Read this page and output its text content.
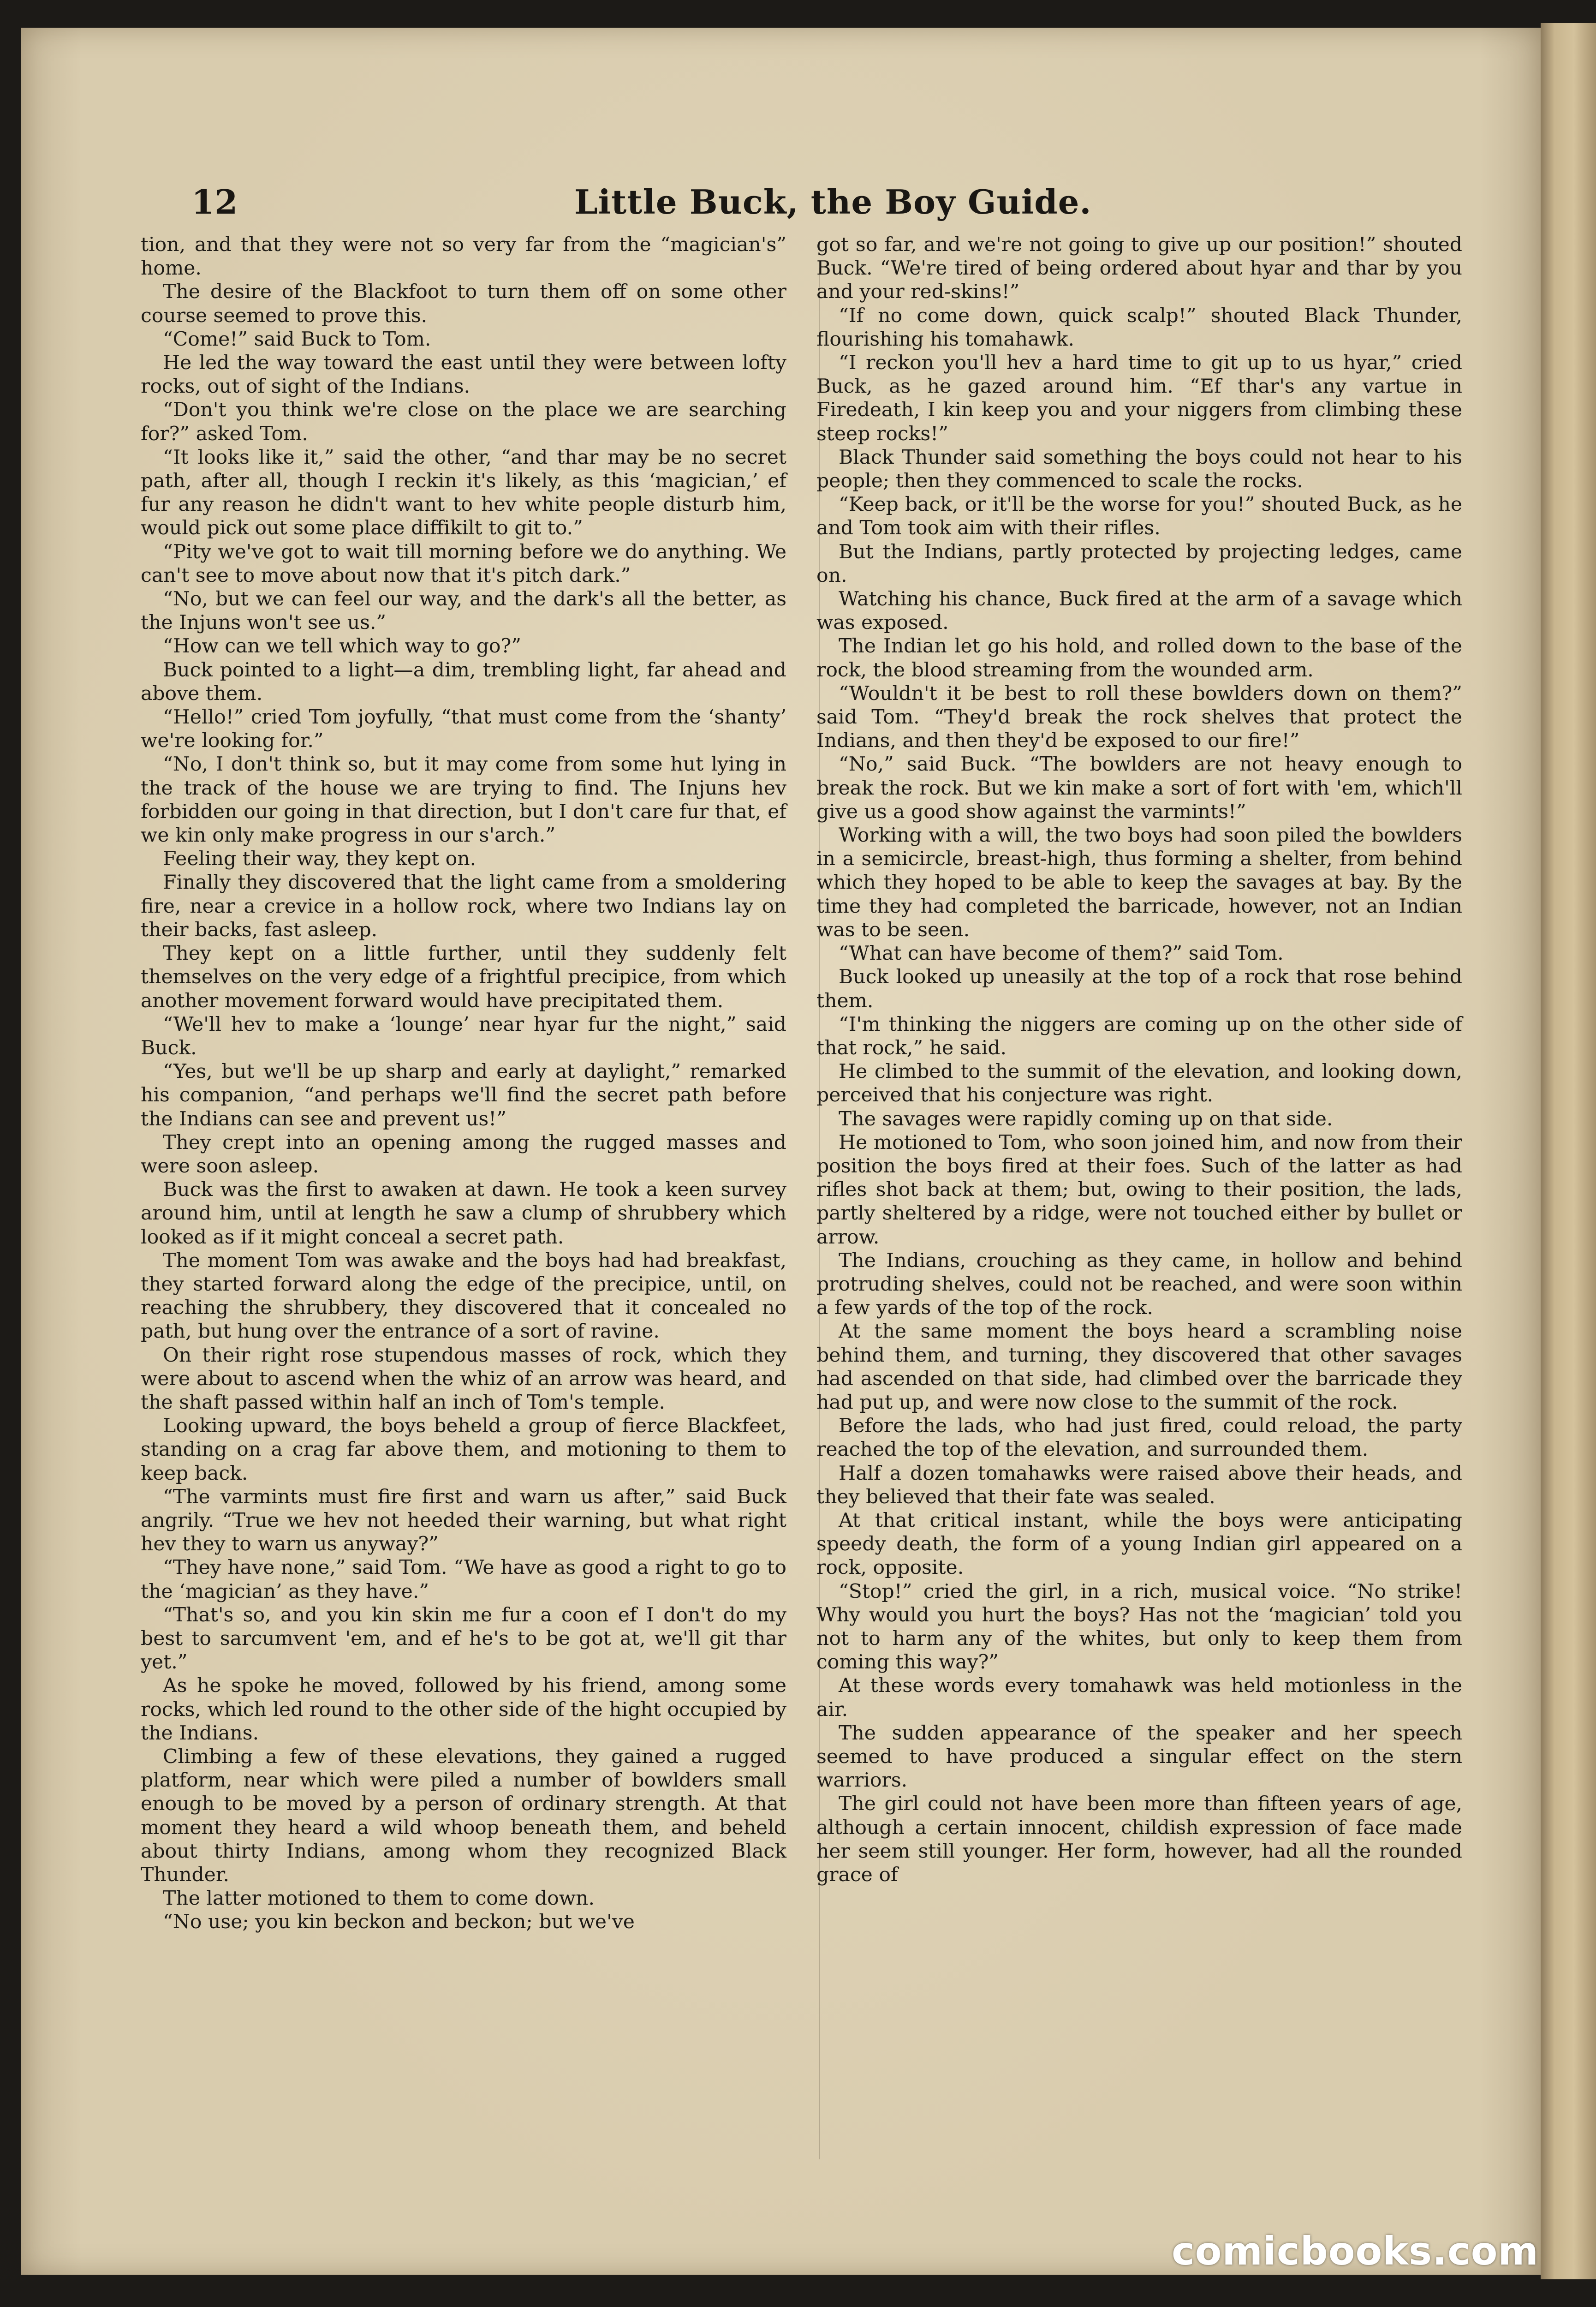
12	Little Buck, the Boy Guide.

tion, and that they were not so very far from the “magician's” home.

The desire of the Blackfoot to turn them off on some other course seemed to prove this.

“Come!” said Buck to Tom.

He led the way toward the east until they were between lofty rocks, out of sight of the Indians.

“Don't you think we're close on the place we are searching for?” asked Tom.

“It looks like it,” said the other, “and thar may be no secret path, after all, though I reckin it's likely, as this ‘magician,’ ef fur any reason he didn't want to hev white people disturb him, would pick out some place diffikilt to git to.”

“Pity we've got to wait till morning before we do anything. We can't see to move about now that it's pitch dark.”

“No, but we can feel our way, and the dark's all the better, as the Injuns won't see us.”

“How can we tell which way to go?”

Buck pointed to a light—a dim, trembling light, far ahead and above them.

“Hello!” cried Tom joyfully, “that must come from the ‘shanty’ we're looking for.”

“No, I don't think so, but it may come from some hut lying in the track of the house we are trying to find. The Injuns hev forbidden our going in that direction, but I don't care fur that, ef we kin only make progress in our s'arch.”

Feeling their way, they kept on.

Finally they discovered that the light came from a smoldering fire, near a crevice in a hollow rock, where two Indians lay on their backs, fast asleep.

They kept on a little further, until they suddenly felt themselves on the very edge of a frightful precipice, from which another movement forward would have precipitated them.

“We'll hev to make a ‘lounge’ near hyar fur the night,” said Buck.

“Yes, but we'll be up sharp and early at daylight,” remarked his companion, “and perhaps we'll find the secret path before the Indians can see and prevent us!”

They crept into an opening among the rugged masses and were soon asleep.

Buck was the first to awaken at dawn. He took a keen survey around him, until at length he saw a clump of shrubbery which looked as if it might conceal a secret path.

The moment Tom was awake and the boys had had breakfast, they started forward along the edge of the precipice, until, on reaching the shrubbery, they discovered that it concealed no path, but hung over the entrance of a sort of ravine.

On their right rose stupendous masses of rock, which they were about to ascend when the whiz of an arrow was heard, and the shaft passed within half an inch of Tom's temple.

Looking upward, the boys beheld a group of fierce Blackfeet, standing on a crag far above them, and motioning to them to keep back.

“The varmints must fire first and warn us after,” said Buck angrily. “True we hev not heeded their warning, but what right hev they to warn us anyway?”

“They have none,” said Tom. “We have as good a right to go to the ‘magician’ as they have.”

“That's so, and you kin skin me fur a coon ef I don't do my best to sarcumvent 'em, and ef he's to be got at, we'll git thar yet.”

As he spoke he moved, followed by his friend, among some rocks, which led round to the other side of the hight occupied by the Indians.

Climbing a few of these elevations, they gained a rugged platform, near which were piled a number of bowlders small enough to be moved by a person of ordinary strength. At that moment they heard a wild whoop beneath them, and beheld about thirty Indians, among whom they recognized Black Thunder.

The latter motioned to them to come down.

“No use; you kin beckon and beckon; but we've

got so far, and we're not going to give up our position!” shouted Buck. “We're tired of being ordered about hyar and thar by you and your red-skins!”

“If no come down, quick scalp!” shouted Black Thunder, flourishing his tomahawk.

“I reckon you'll hev a hard time to git up to us hyar,” cried Buck, as he gazed around him. “Ef thar's any vartue in Firedeath, I kin keep you and your niggers from climbing these steep rocks!”

Black Thunder said something the boys could not hear to his people; then they commenced to scale the rocks.

“Keep back, or it'll be the worse for you!” shouted Buck, as he and Tom took aim with their rifles.

But the Indians, partly protected by projecting ledges, came on.

Watching his chance, Buck fired at the arm of a savage which was exposed.

The Indian let go his hold, and rolled down to the base of the rock, the blood streaming from the wounded arm.

“Wouldn't it be best to roll these bowlders down on them?” said Tom. “They'd break the rock shelves that protect the Indians, and then they'd be exposed to our fire!”

“No,” said Buck. “The bowlders are not heavy enough to break the rock. But we kin make a sort of fort with 'em, which'll give us a good show against the varmints!”

Working with a will, the two boys had soon piled the bowlders in a semicircle, breast-high, thus forming a shelter, from behind which they hoped to be able to keep the savages at bay. By the time they had completed the barricade, however, not an Indian was to be seen.

“What can have become of them?” said Tom.

Buck looked up uneasily at the top of a rock that rose behind them.

“I'm thinking the niggers are coming up on the other side of that rock,” he said.

He climbed to the summit of the elevation, and looking down, perceived that his conjecture was right.

The savages were rapidly coming up on that side.

He motioned to Tom, who soon joined him, and now from their position the boys fired at their foes. Such of the latter as had rifles shot back at them; but, owing to their position, the lads, partly sheltered by a ridge, were not touched either by bullet or arrow.

The Indians, crouching as they came, in hollow and behind protruding shelves, could not be reached, and were soon within a few yards of the top of the rock.

At the same moment the boys heard a scrambling noise behind them, and turning, they discovered that other savages had ascended on that side, had climbed over the barricade they had put up, and were now close to the summit of the rock.

Before the lads, who had just fired, could reload, the party reached the top of the elevation, and surrounded them.

Half a dozen tomahawks were raised above their heads, and they believed that their fate was sealed.

At that critical instant, while the boys were anticipating speedy death, the form of a young Indian girl appeared on a rock, opposite.

“Stop!” cried the girl, in a rich, musical voice. “No strike! Why would you hurt the boys? Has not the ‘magician’ told you not to harm any of the whites, but only to keep them from coming this way?”

At these words every tomahawk was held motionless in the air.

The sudden appearance of the speaker and her speech seemed to have produced a singular effect on the stern warriors.

The girl could not have been more than fifteen years of age, although a certain innocent, childish expression of face made her seem still younger. Her form, however, had all the rounded grace of

comicbooks.com
